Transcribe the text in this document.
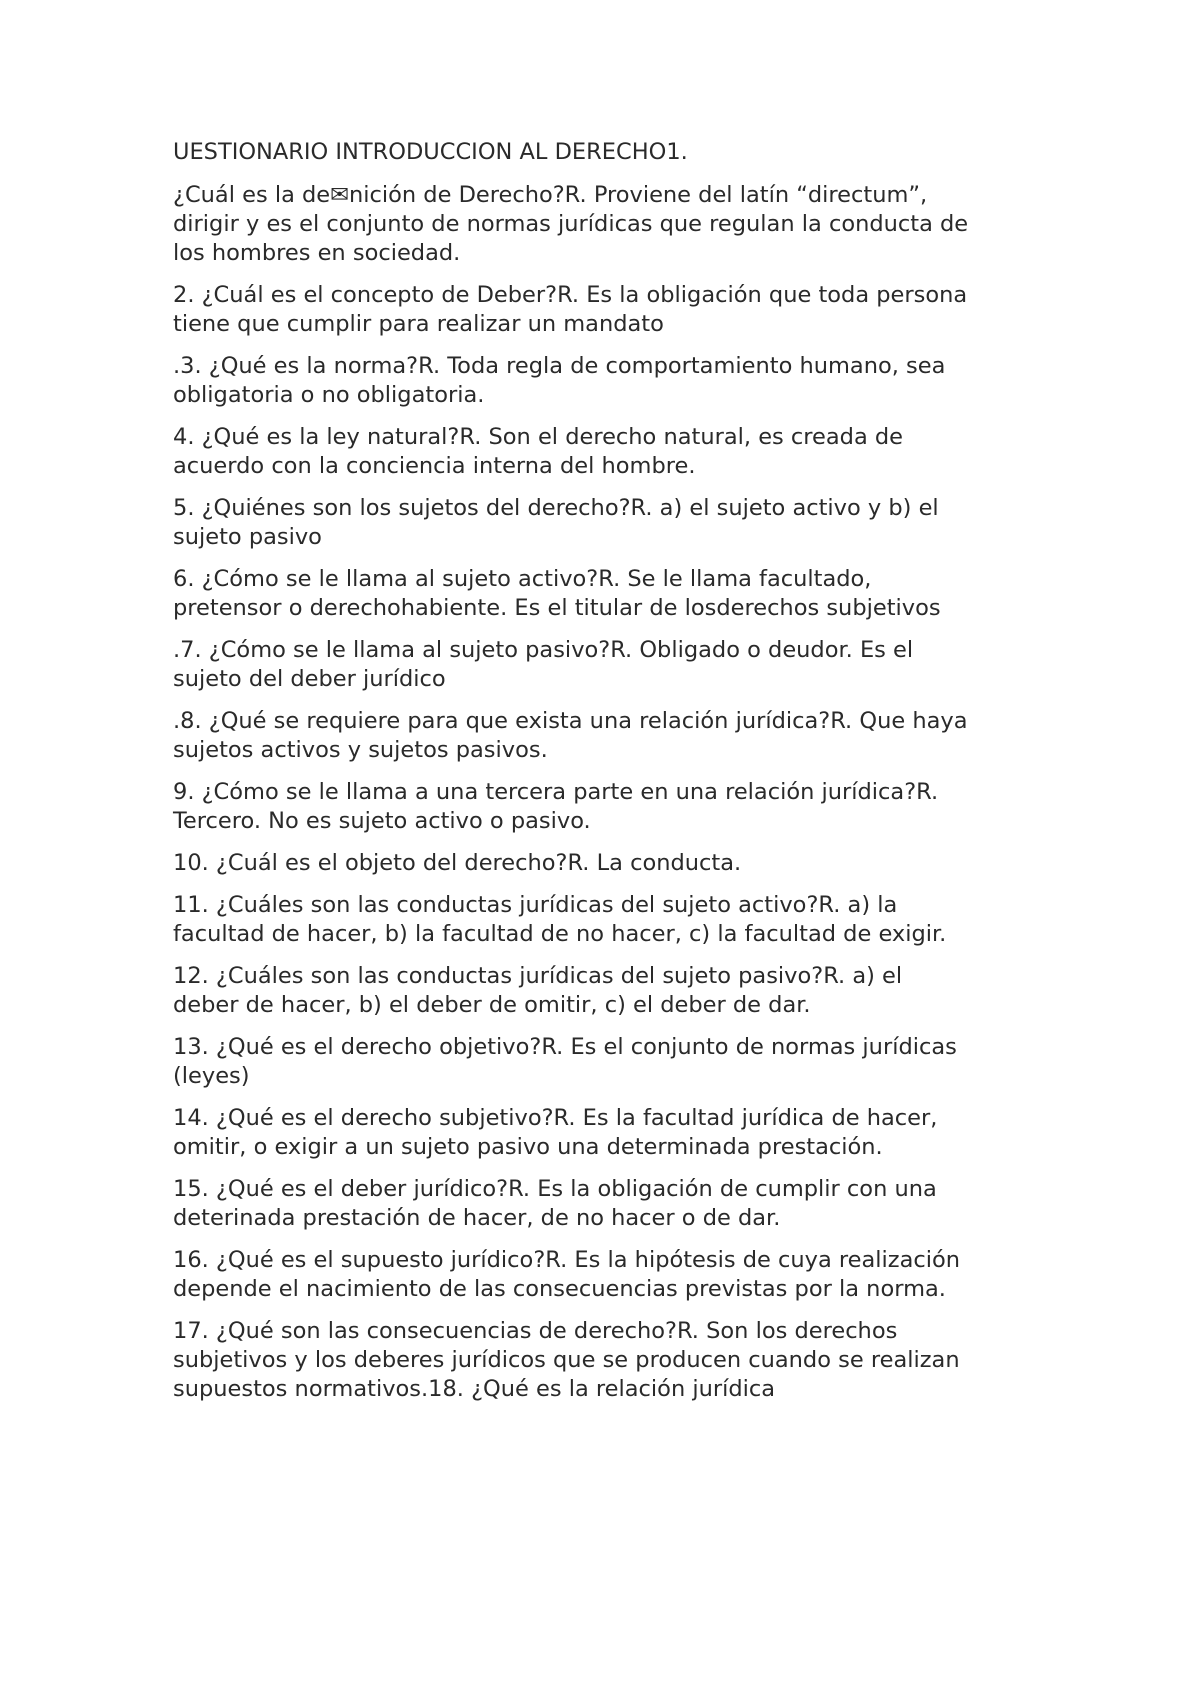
UESTIONARIO INTRODUCCION AL DERECHO1.

¿Cuál es la de✉nición de Derecho?R. Proviene del latín “directum”,
dirigir y es el conjunto de normas jurídicas que regulan la conducta de
los hombres en sociedad.

2. ¿Cuál es el concepto de Deber?R. Es la obligación que toda persona
tiene que cumplir para realizar un mandato

.3. ¿Qué es la norma?R. Toda regla de comportamiento humano, sea
obligatoria o no obligatoria.

4. ¿Qué es la ley natural?R. Son el derecho natural, es creada de
acuerdo con la conciencia interna del hombre.

5. ¿Quiénes son los sujetos del derecho?R. a) el sujeto activo y b) el
sujeto pasivo

6. ¿Cómo se le llama al sujeto activo?R. Se le llama facultado,
pretensor o derechohabiente. Es el titular de losderechos subjetivos

.7. ¿Cómo se le llama al sujeto pasivo?R. Obligado o deudor. Es el
sujeto del deber jurídico

.8. ¿Qué se requiere para que exista una relación jurídica?R. Que haya
sujetos activos y sujetos pasivos.

9. ¿Cómo se le llama a una tercera parte en una relación jurídica?R.
Tercero. No es sujeto activo o pasivo.

10. ¿Cuál es el objeto del derecho?R. La conducta.

11. ¿Cuáles son las conductas jurídicas del sujeto activo?R. a) la
facultad de hacer, b) la facultad de no hacer, c) la facultad de exigir.

12. ¿Cuáles son las conductas jurídicas del sujeto pasivo?R. a) el
deber de hacer, b) el deber de omitir, c) el deber de dar.

13. ¿Qué es el derecho objetivo?R. Es el conjunto de normas jurídicas
(leyes)

14. ¿Qué es el derecho subjetivo?R. Es la facultad jurídica de hacer,
omitir, o exigir a un sujeto pasivo una determinada prestación.

15. ¿Qué es el deber jurídico?R. Es la obligación de cumplir con una
deterinada prestación de hacer, de no hacer o de dar.

16. ¿Qué es el supuesto jurídico?R. Es la hipótesis de cuya realización
depende el nacimiento de las consecuencias previstas por la norma.

17. ¿Qué son las consecuencias de derecho?R. Son los derechos
subjetivos y los deberes jurídicos que se producen cuando se realizan
supuestos normativos.18. ¿Qué es la relación jurídica
